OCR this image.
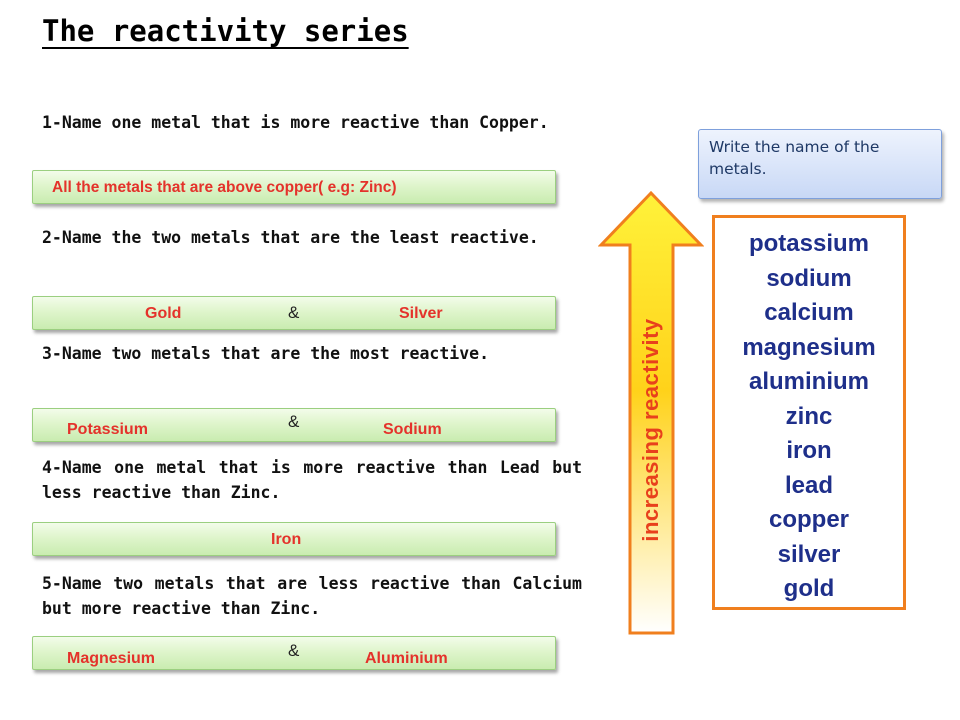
The reactivity series
1-Name one metal that is more reactive than Copper.
All the metals that are above copper( e.g: Zinc)
2-Name the two metals that are the least reactive.
Gold	&	Silver
3-Name two metals that are the most reactive.
Potassium	&	Sodium
4-Name one metal that is more reactive than Lead but less reactive than Zinc.
Iron
5-Name two metals that are less reactive than Calcium but more reactive than Zinc.
Magnesium	&	Aluminium
increasing reactivity
Write the name of the metals.
potassium
sodium
calcium
magnesium
aluminium
zinc
iron
lead
copper
silver
gold
